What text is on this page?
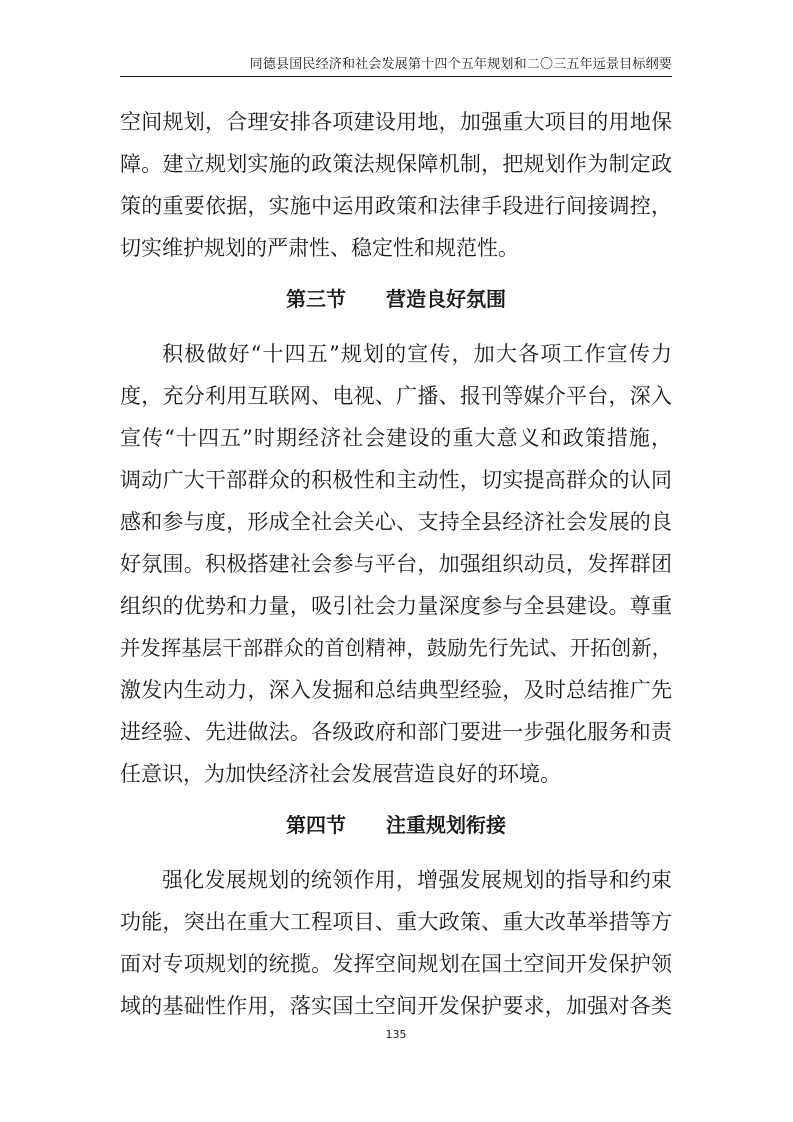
同德县国民经济和社会发展第十四个五年规划和二〇三五年远景目标纲要
空间规划，合理安排各项建设用地，加强重大项目的用地保
障。建立规划实施的政策法规保障机制，把规划作为制定政
策的重要依据，实施中运用政策和法律手段进行间接调控，
切实维护规划的严肃性、稳定性和规范性。
第三节　　营造良好氛围
积极做好“十四五”规划的宣传，加大各项工作宣传力
度，充分利用互联网、电视、广播、报刊等媒介平台，深入
宣传“十四五”时期经济社会建设的重大意义和政策措施，
调动广大干部群众的积极性和主动性，切实提高群众的认同
感和参与度，形成全社会关心、支持全县经济社会发展的良
好氛围。积极搭建社会参与平台，加强组织动员，发挥群团
组织的优势和力量，吸引社会力量深度参与全县建设。尊重
并发挥基层干部群众的首创精神，鼓励先行先试、开拓创新，
激发内生动力，深入发掘和总结典型经验，及时总结推广先
进经验、先进做法。各级政府和部门要进一步强化服务和责
任意识，为加快经济社会发展营造良好的环境。
第四节　　注重规划衔接
强化发展规划的统领作用，增强发展规划的指导和约束
功能，突出在重大工程项目、重大政策、重大改革举措等方
面对专项规划的统揽。发挥空间规划在国土空间开发保护领
域的基础性作用，落实国土空间开发保护要求，加强对各类
135
